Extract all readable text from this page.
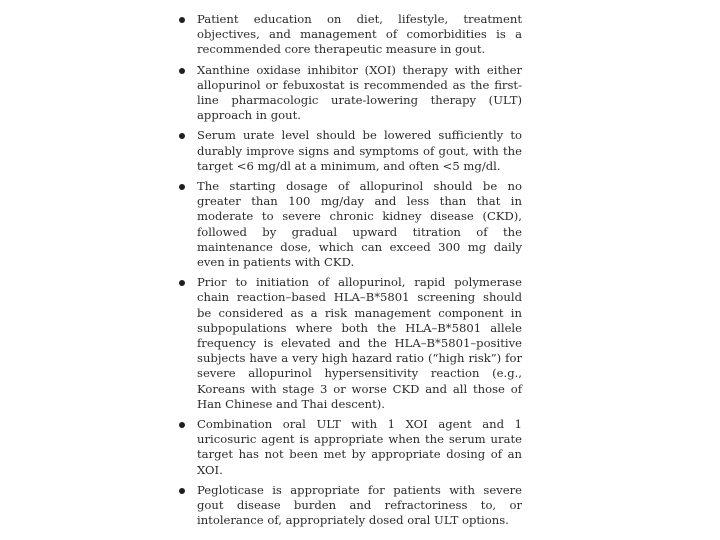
Patient education on diet, lifestyle, treatment objectives, and management of comorbidities is a recommended core therapeutic measure in gout.
Xanthine oxidase inhibitor (XOI) therapy with either allopurinol or febuxostat is recommended as the first-line pharmacologic urate-lowering therapy (ULT) approach in gout.
Serum urate level should be lowered sufficiently to durably improve signs and symptoms of gout, with the target <6 mg/dl at a minimum, and often <5 mg/dl.
The starting dosage of allopurinol should be no greater than 100 mg/day and less than that in moderate to severe chronic kidney disease (CKD), followed by gradual upward titration of the maintenance dose, which can exceed 300 mg daily even in patients with CKD.
Prior to initiation of allopurinol, rapid polymerase chain reaction–based HLA–B*5801 screening should be considered as a risk management component in subpopulations where both the HLA–B*5801 allele frequency is elevated and the HLA–B*5801–positive subjects have a very high hazard ratio (“high risk”) for severe allopurinol hypersensitivity reaction (e.g., Koreans with stage 3 or worse CKD and all those of Han Chinese and Thai descent).
Combination oral ULT with 1 XOI agent and 1 uricosuric agent is appropriate when the serum urate target has not been met by appropriate dosing of an XOI.
Pegloticase is appropriate for patients with severe gout disease burden and refractoriness to, or intolerance of, appropriately dosed oral ULT options.
